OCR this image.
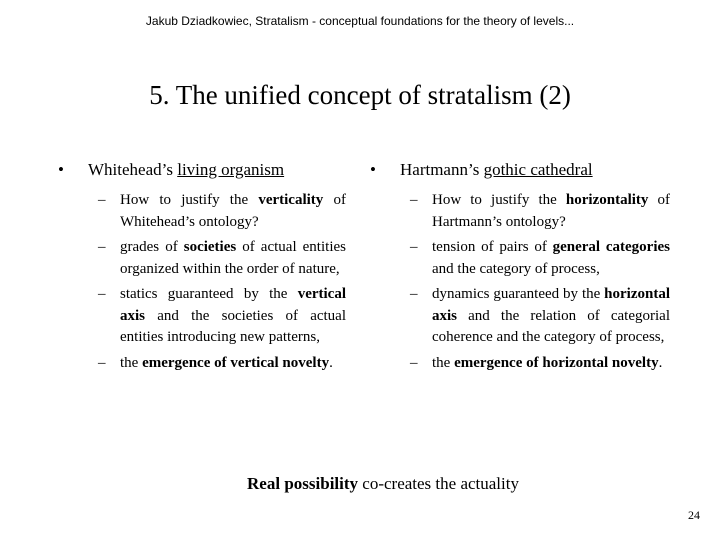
Jakub Dziadkowiec, Stratalism - conceptual foundations for the theory of levels...
5. The unified concept of stratalism (2)
•	Whitehead’s living organism
– How to justify the verticality of Whitehead’s ontology?
– grades of societies of actual entities organized within the order of nature,
– statics guaranteed by the vertical axis and the societies of actual entities introducing new patterns,
– the emergence of vertical novelty.
•	Hartmann’s gothic cathedral
– How to justify the horizontality of Hartmann’s ontology?
– tension of pairs of general categories and the category of process,
– dynamics guaranteed by the horizontal axis and the relation of categorial coherence and the category of process,
– the emergence of horizontal novelty.
Real possibility co-creates the actuality
24
